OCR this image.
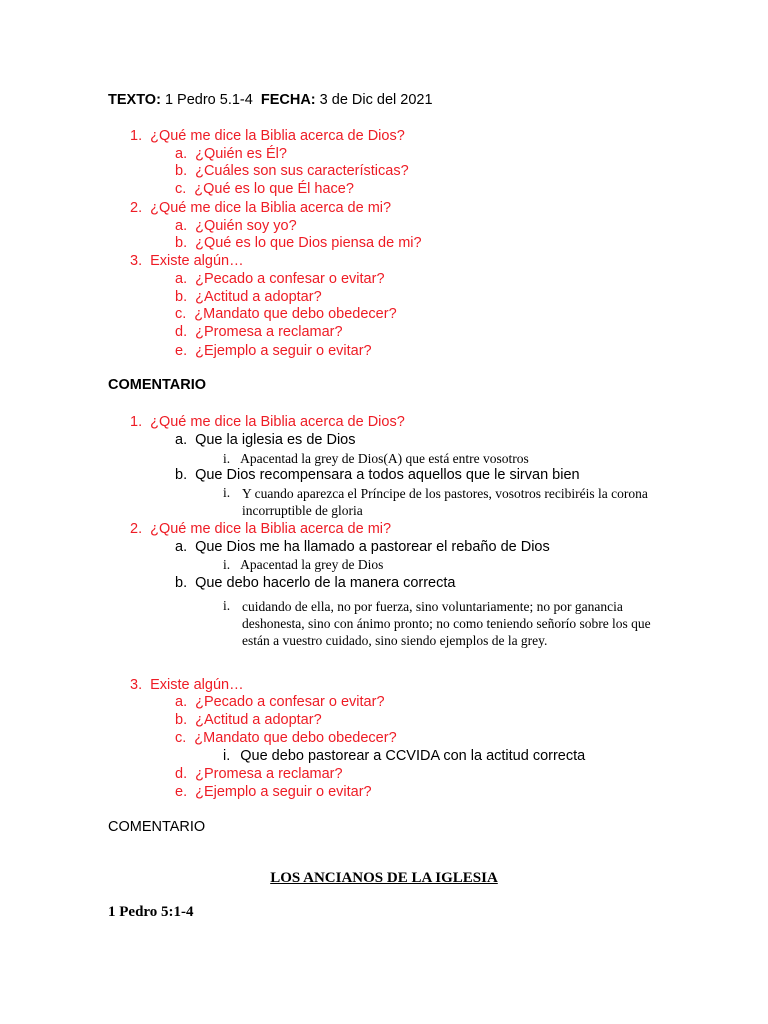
TEXTO: 1 Pedro 5.1-4 FECHA: 3 de Dic del 2021
1. ¿Qué me dice la Biblia acerca de Dios?
a. ¿Quién es Él?
b. ¿Cuáles son sus características?
c. ¿Qué es lo que Él hace?
2. ¿Qué me dice la Biblia acerca de mi?
a. ¿Quién soy yo?
b. ¿Qué es lo que Dios piensa de mi?
3. Existe algún…
a. ¿Pecado a confesar o evitar?
b. ¿Actitud a adoptar?
c. ¿Mandato que debo obedecer?
d. ¿Promesa a reclamar?
e. ¿Ejemplo a seguir o evitar?
COMENTARIO
1. ¿Qué me dice la Biblia acerca de Dios?
a. Que la iglesia es de Dios
i. Apacentad la grey de Dios(A) que está entre vosotros
b. Que Dios recompensara a todos aquellos que le sirvan bien
i. Y cuando aparezca el Príncipe de los pastores, vosotros recibiréis la corona incorruptible de gloria
2. ¿Qué me dice la Biblia acerca de mi?
a. Que Dios me ha llamado a pastorear el rebaño de Dios
i. Apacentad la grey de Dios
b. Que debo hacerlo de la manera correcta
i. cuidando de ella, no por fuerza, sino voluntariamente; no por ganancia deshonesta, sino con ánimo pronto; no como teniendo señorío sobre los que están a vuestro cuidado, sino siendo ejemplos de la grey.
3. Existe algún…
a. ¿Pecado a confesar o evitar?
b. ¿Actitud a adoptar?
c. ¿Mandato que debo obedecer?
i. Que debo pastorear a CCVIDA con la actitud correcta
d. ¿Promesa a reclamar?
e. ¿Ejemplo a seguir o evitar?
COMENTARIO
LOS ANCIANOS DE LA IGLESIA
1 Pedro 5:1-4
